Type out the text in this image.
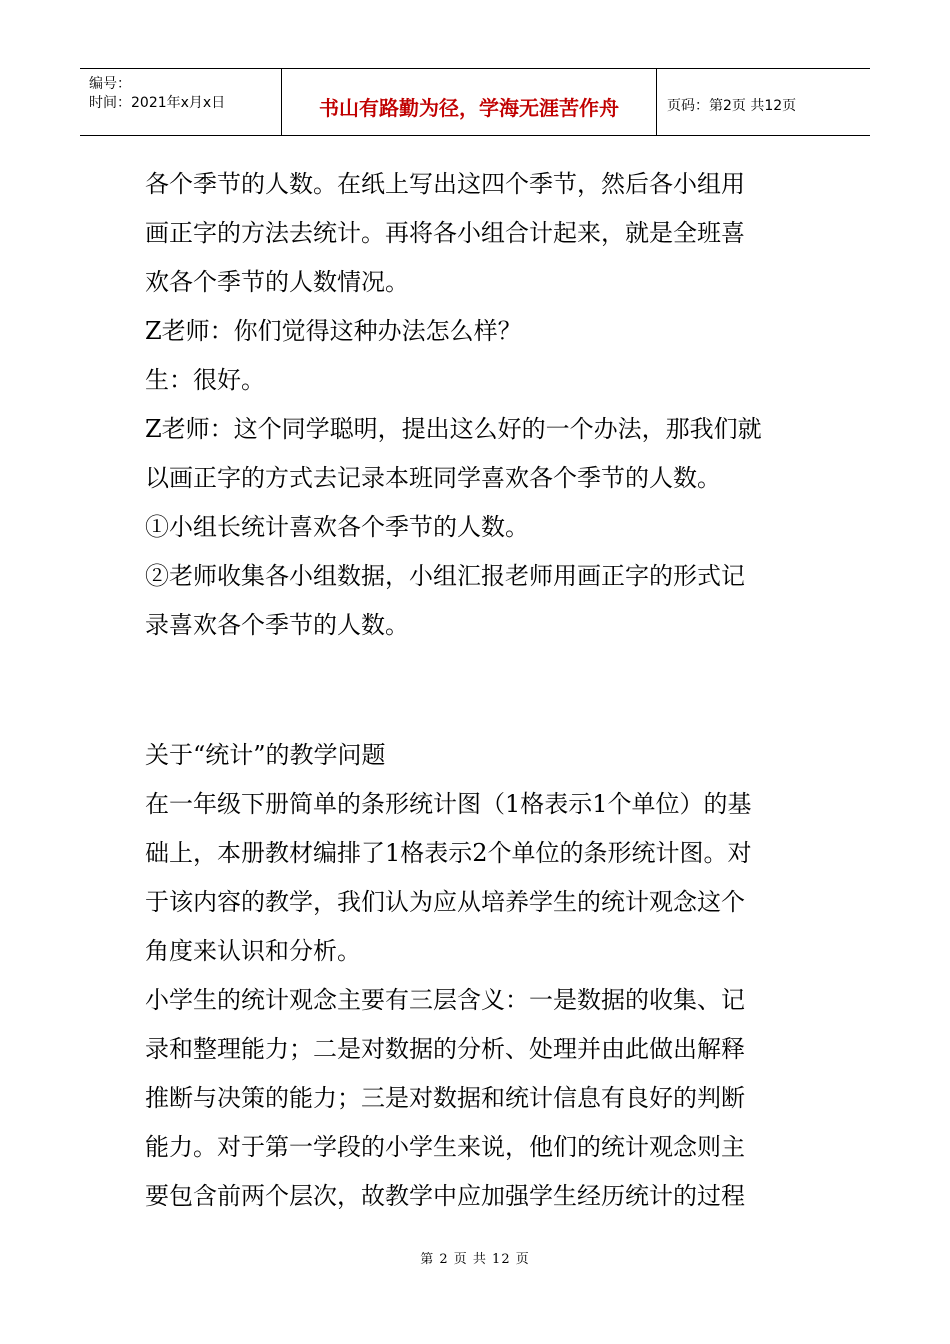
编号：
时间：2021年x月x日	书山有路勤为径，学海无涯苦作舟	页码：第2页 共12页

各个季节的人数。在纸上写出这四个季节，然后各小组用

画正字的方法去统计。再将各小组合计起来，就是全班喜

欢各个季节的人数情况。

Z老师：你们觉得这种办法怎么样？

生：很好。

Z老师：这个同学聪明，提出这么好的一个办法，那我们就

以画正字的方式去记录本班同学喜欢各个季节的人数。

①小组长统计喜欢各个季节的人数。

②老师收集各小组数据，小组汇报老师用画正字的形式记

录喜欢各个季节的人数。

关于“统计”的教学问题

在一年级下册简单的条形统计图（1格表示1个单位）的基

础上，本册教材编排了1格表示2个单位的条形统计图。对

于该内容的教学，我们认为应从培养学生的统计观念这个

角度来认识和分析。

小学生的统计观念主要有三层含义：一是数据的收集、记

录和整理能力；二是对数据的分析、处理并由此做出解释

推断与决策的能力；三是对数据和统计信息有良好的判断

能力。对于第一学段的小学生来说，他们的统计观念则主

要包含前两个层次，故教学中应加强学生经历统计的过程

第 2 页 共 12 页
